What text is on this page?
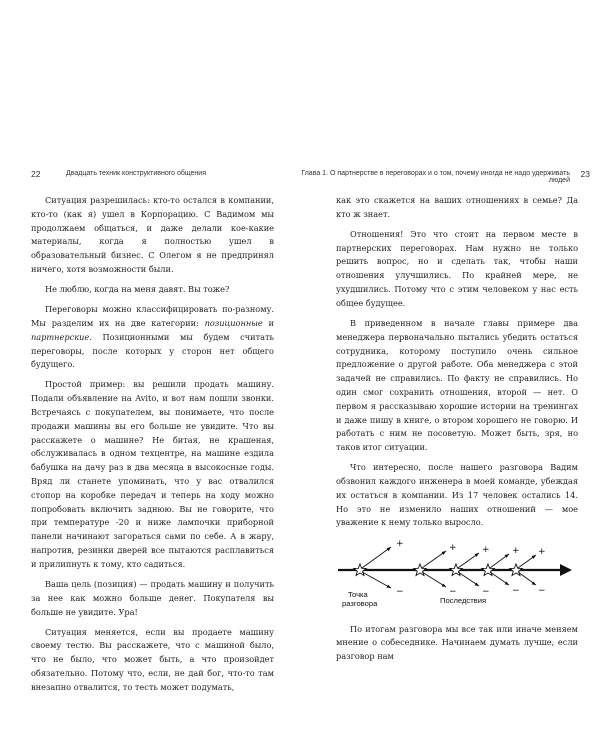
22	Двадцать техник конструктивного общения

Ситуация разрешилась: кто-то остался в компании, кто-то (как я) ушел в Корпорацию. С Вадимом мы продолжаем общаться, и даже делали кое-какие материалы, когда я полностью ушел в образовательный бизнес. С Олегом я не предпринял ничего, хотя возможности были.

Не люблю, когда на меня давят. Вы тоже?

Переговоры можно классифицировать по-разному. Мы разделим их на две категории: позиционные и партнерские. Позиционными мы будем считать переговоры, после которых у сторон нет общего будущего.

Простой пример: вы решили продать машину. Подали объявление на Avito, и вот нам пошли звонки. Встречаясь с покупателем, вы понимаете, что после продажи машины вы его больше не увидите. Что вы расскажете о машине? Не битая, не крашеная, обслуживалась в одном техцентре, на машине ездила бабушка на дачу раз в два месяца в высокосные годы. Вряд ли станете упоминать, что у вас отвалился стопор на коробке передач и теперь на ходу можно попробовать включить заднюю. Вы не говорите, что при температуре -20 и ниже лампочки приборной панели начинают загораться сами по себе. А в жару, напротив, резинки дверей все пытаются расплавиться и прилипнуть к тому, кто садиться.

Ваша цель (позиция) — продать машину и получить за нее как можно больше денег. Покупателя вы больше не увидите. Ура!

Ситуация меняется, если вы продаете машину своему тестю. Вы расскажете, что с машиной было, что не было, что может быть, а что произойдет обязательно. Потому что, если, не дай бог, что-то там внезапно отвалится, то тесть может подумать,

Глава 1. О партнерстве в переговорах и о том, почему иногда не надо удерживать людей
23

как это скажется на ваших отношениях в семье? Да кто ж знает.

Отношения! Это что стоит на первом месте в партнерских переговорах. Нам нужно не только решить вопрос, но и сделать так, чтобы наши отношения улучшились. По крайней мере, не ухудшились. Потому что с этим человеком у нас есть общее будущее.

В приведенном в начале главы примере два менеджера первоначально пытались убедить остаться сотрудника, которому поступило очень сильное предложение о другой работе. Оба менеджера с этой задачей не справились. По факту не справились. Но один смог сохранить отношения, второй — нет. О первом я рассказываю хорошие истории на тренингах и даже пишу в книге, о втором хорошего не говорю. И работать с ним не посоветую. Может быть, зря, но таков итог ситуации.

Что интересно, после нашего разговора Вадим обзвонил каждого инженера в моей команде, убеждая их остаться в компании. Из 17 человек остались 14. Но это не изменило наших отношений — мое уважение к нему только выросло.

+
−
+
−
+
−
+
−
+
−
Точка разговора	Последствия

По итогам разговора мы все так или иначе меняем мнение о собеседнике. Начинаем думать лучше, если разговор нам
